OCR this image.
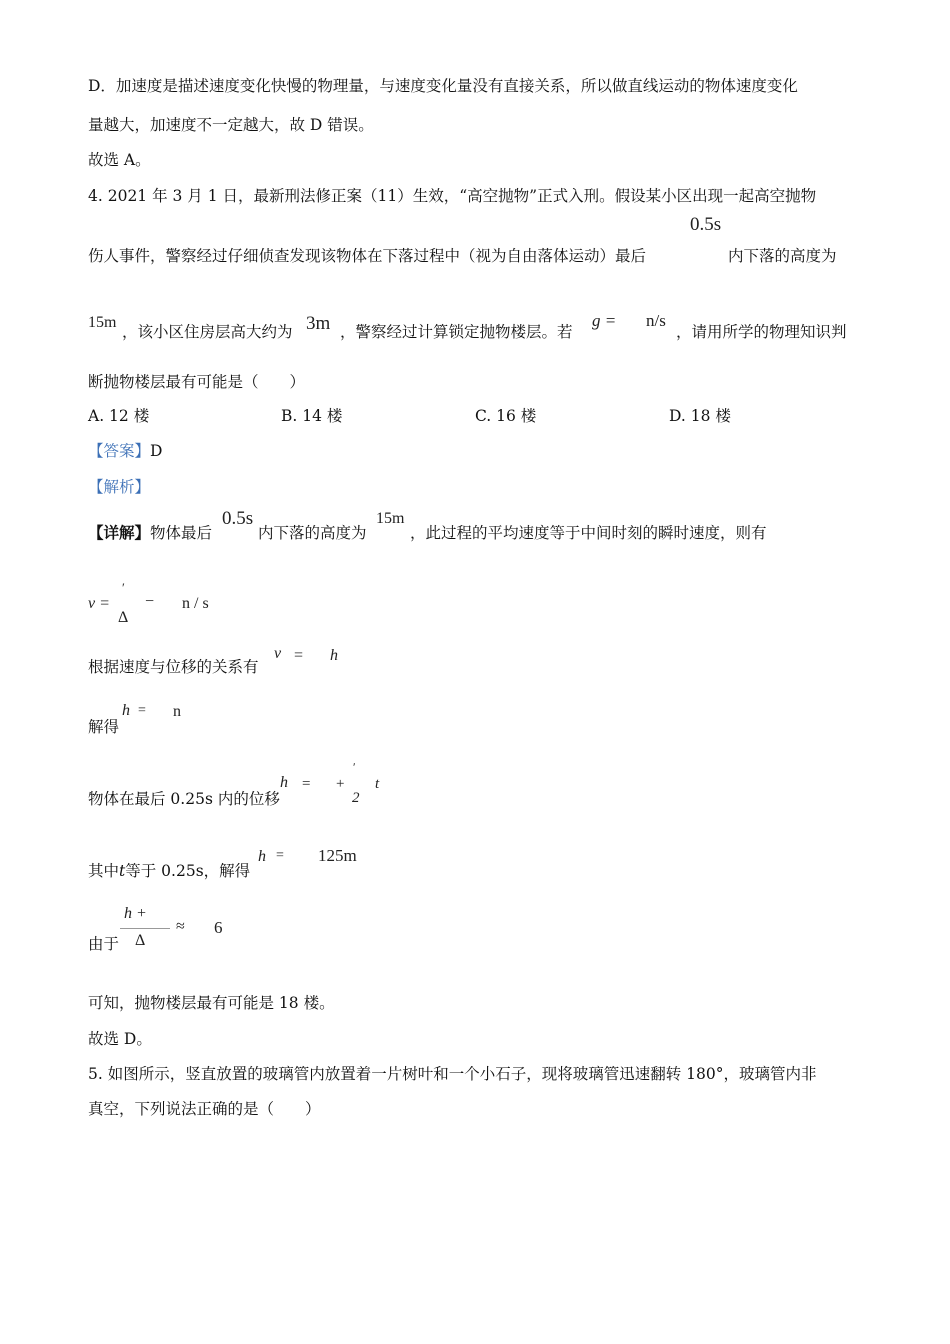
D．加速度是描述速度变化快慢的物理量，与速度变化量没有直接关系，所以做直线运动的物体速度变化
量越大，加速度不一定越大，故 D 错误。
故选 A。
4. 2021 年 3 月 1 日，最新刑法修正案（11）生效，“高空抛物”正式入刑。假设某小区出现一起高空抛物
伤人事件，警察经过仔细侦查发现该物体在下落过程中（视为自由落体运动）最后
0.5s
内下落的高度为
15m
，该小区住房层高大约为 3m ，警察经过计算锁定抛物楼层。若
g = n/s
，请用所学的物理知识判
断抛物楼层最有可能是（　　）
A. 12 楼	B. 14 楼	C. 16 楼	D. 18 楼
【答案】D
【解析】
【详解】物体最后
0.5s
内下落的高度为
15m
，此过程的平均速度等于中间时刻的瞬时速度，则有
v =
ʹ
Δ
− n / s
根据速度与位移的关系有
v = h
解得
h = n
物体在最后 0.25s 内的位移
h = +
ʹ
2
t
其中t等于 0.25s，解得
h = 125m
由于
h +
Δ
≈ 6
可知，抛物楼层最有可能是 18 楼。
故选 D。
5. 如图所示，竖直放置的玻璃管内放置着一片树叶和一个小石子，现将玻璃管迅速翻转 180°，玻璃管内非
真空，下列说法正确的是（　　）
